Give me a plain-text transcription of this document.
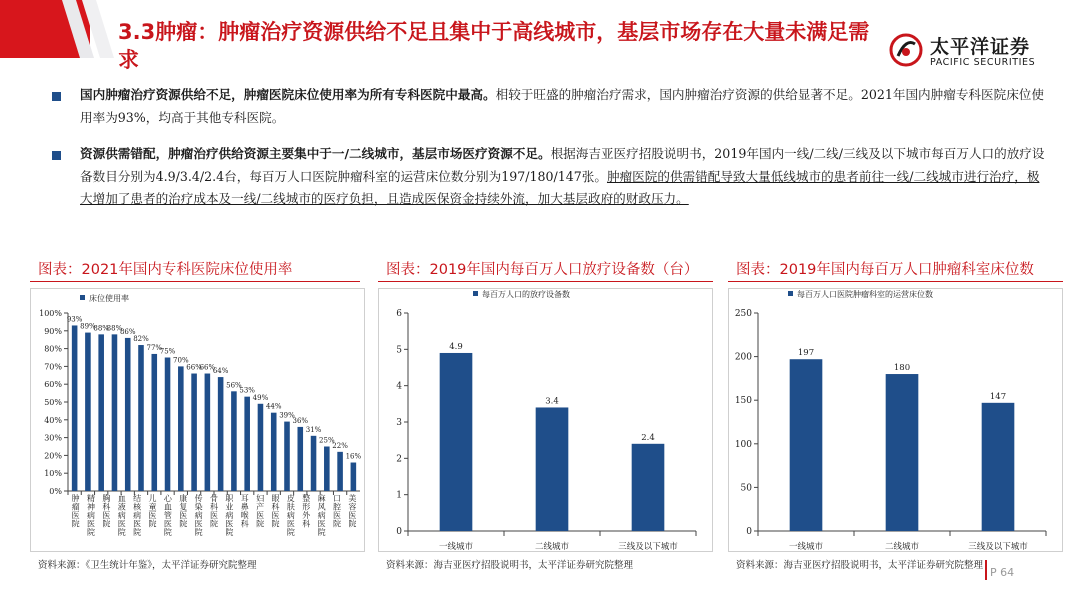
3.3肿瘤：肿瘤治疗资源供给不足且集中于高线城市，基层市场存在大量未满足需求
太平洋证券
PACIFIC SECURITIES
国内肿瘤治疗资源供给不足，肿瘤医院床位使用率为所有专科医院中最高。相较于旺盛的肿瘤治疗需求，国内肿瘤治疗资源的供给显著不足。2021年国内肿瘤专科医院床位使用率为93%，均高于其他专科医院。
资源供需错配，肿瘤治疗供给资源主要集中于一/二线城市，基层市场医疗资源不足。根据海吉亚医疗招股说明书，2019年国内一线/二线/三线及以下城市每百万人口的放疗设备数目分别为4.9/3.4/2.4台，每百万人口医院肿瘤科室的运营床位数分别为197/180/147张。肿瘤医院的供需错配导致大量低线城市的患者前往一线/二线城市进行治疗，极大增加了患者的治疗成本及一线/二线城市的医疗负担，且造成医保资金持续外流，加大基层政府的财政压力。
图表：2021年国内专科医院床位使用率	图表：2019年国内每百万人口放疗设备数（台）	图表：2019年国内每百万人口肿瘤科室床位数
床位使用率
0%
10%
20%
30%
40%
50%
60%
70%
80%
90%
100%
93%
89%
88%
88%
86%
82%
77%
75%
70%
66%
66%
64%
56%
53%
49%
44%
39%
36%
31%
25%
22%
16%
肿
瘤
医
院
精
神
病
医
院
胸
科
医
院
血
液
病
医
院
结
核
病
医
院
儿
童
医
院
心
血
管
医
院
康
复
医
院
传
染
病
医
院
骨
科
医
院
职
业
病
医
院
耳
鼻
喉
科
妇
产
医
院
眼
科
医
院
皮
肤
病
医
院
整
形
外
科
麻
风
病
医
院
口
腔
医
院
美
容
医
院
每百万人口的放疗设备数
0
1
2
3
4
5
6
4.9
3.4
2.4
一线城市	二线城市	三线及以下城市
每百万人口医院肿瘤科室的运营床位数
0
50
100
150
200
250
197
180
147
一线城市	二线城市	三线及以下城市
资料来源：《卫生统计年鉴》，太平洋证券研究院整理	资料来源：海吉亚医疗招股说明书，太平洋证券研究院整理	资料来源：海吉亚医疗招股说明书，太平洋证券研究院整理
P 64
